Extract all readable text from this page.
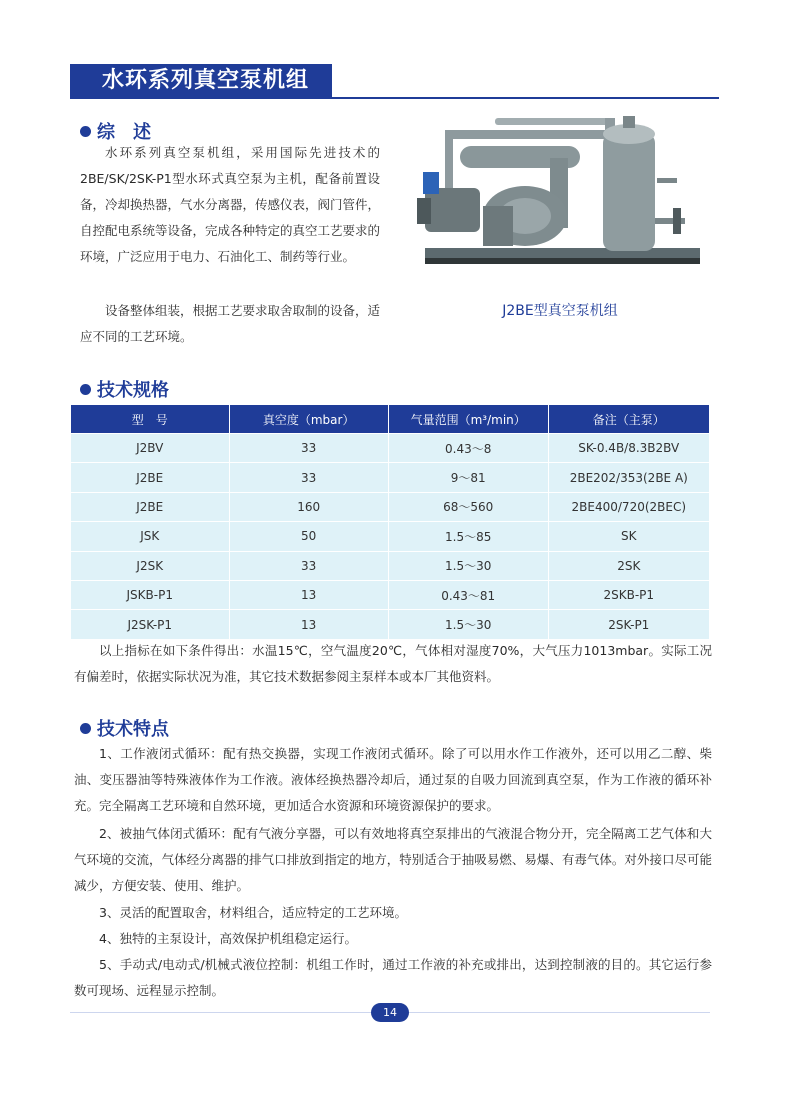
水环系列真空泵机组
综　述
水环系列真空泵机组，采用国际先进技术的2BE/SK/2SK-P1型水环式真空泵为主机，配备前置设备，冷却换热器，气水分离器，传感仪表，阀门管件，自控配电系统等设备，完成各种特定的真空工艺要求的环境，广泛应用于电力、石油化工、制药等行业。
设备整体组装，根据工艺要求取舍取制的设备，适应不同的工艺环境。
J2BE型真空泵机组
技术规格
型　号	真空度（mbar）	气量范围（m³/min）	备注（主泵）
J2BV	33	0.43～8	SK-0.4B/8.3B2BV
J2BE	33	9～81	2BE202/353(2BE A)
J2BE	160	68～560	2BE400/720(2BEC)
JSK	50	1.5～85	SK
J2SK	33	1.5～30	2SK
JSKB-P1	13	0.43～81	2SKB-P1
J2SK-P1	13	1.5～30	2SK-P1
以上指标在如下条件得出：水温15℃，空气温度20℃，气体相对湿度70%，大气压力1013mbar。实际工况有偏差时，依据实际状况为准，其它技术数据参阅主泵样本或本厂其他资料。
技术特点
1、工作液闭式循环：配有热交换器，实现工作液闭式循环。除了可以用水作工作液外，还可以用乙二醇、柴油、变压器油等特殊液体作为工作液。液体经换热器冷却后，通过泵的自吸力回流到真空泵，作为工作液的循环补充。完全隔离工艺环境和自然环境，更加适合水资源和环境资源保护的要求。
2、被抽气体闭式循环：配有气液分享器，可以有效地将真空泵排出的气液混合物分开，完全隔离工艺气体和大气环境的交流，气体经分离器的排气口排放到指定的地方，特别适合于抽吸易燃、易爆、有毒气体。对外接口尽可能减少，方便安装、使用、维护。
3、灵活的配置取舍，材料组合，适应特定的工艺环境。
4、独特的主泵设计，高效保护机组稳定运行。
5、手动式/电动式/机械式液位控制：机组工作时，通过工作液的补充或排出，达到控制液的目的。其它运行参数可现场、远程显示控制。
14
